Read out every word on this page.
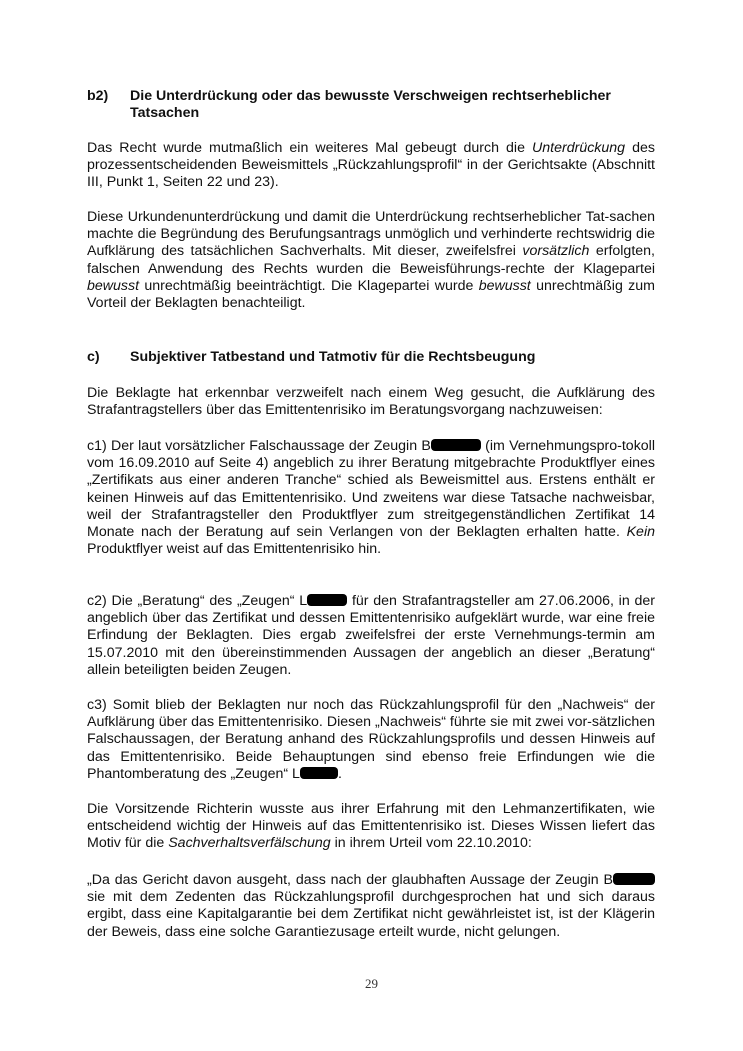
b2) Die Unterdrückung oder das bewusste Verschweigen rechtserheblicher Tatsachen

Das Recht wurde mutmaßlich ein weiteres Mal gebeugt durch die Unterdrückung des prozessentscheidenden Beweismittels „Rückzahlungsprofil“ in der Gerichtsakte (Abschnitt III, Punkt 1, Seiten 22 und 23).

Diese Urkundenunterdrückung und damit die Unterdrückung rechtserheblicher Tat-sachen machte die Begründung des Berufungsantrags unmöglich und verhinderte rechtswidrig die Aufklärung des tatsächlichen Sachverhalts. Mit dieser, zweifelsfrei vorsätzlich erfolgten, falschen Anwendung des Rechts wurden die Beweisführungs-rechte der Klagepartei bewusst unrechtmäßig beeinträchtigt. Die Klagepartei wurde bewusst unrechtmäßig zum Vorteil der Beklagten benachteiligt.

c) Subjektiver Tatbestand und Tatmotiv für die Rechtsbeugung

Die Beklagte hat erkennbar verzweifelt nach einem Weg gesucht, die Aufklärung des Strafantragstellers über das Emittentenrisiko im Beratungsvorgang nachzuweisen:

c1) Der laut vorsätzlicher Falschaussage der Zeugin B	(im Vernehmungspro-tokoll vom 16.09.2010 auf Seite 4) angeblich zu ihrer Beratung mitgebrachte Produktflyer eines „Zertifikats aus einer anderen Tranche“ schied als Beweismittel aus. Erstens enthält er keinen Hinweis auf das Emittentenrisiko. Und zweitens war diese Tatsache nachweisbar, weil der Strafantragsteller den Produktflyer zum streitgegenständlichen Zertifikat 14 Monate nach der Beratung auf sein Verlangen von der Beklagten erhalten hatte. Kein Produktflyer weist auf das Emittentenrisiko hin.

c2) Die „Beratung“ des „Zeugen“ L	für den Strafantragsteller am 27.06.2006, in der angeblich über das Zertifikat und dessen Emittentenrisiko aufgeklärt wurde, war eine freie Erfindung der Beklagten. Dies ergab zweifelsfrei der erste Vernehmungs-termin am 15.07.2010 mit den übereinstimmenden Aussagen der angeblich an dieser „Beratung“ allein beteiligten beiden Zeugen.

c3) Somit blieb der Beklagten nur noch das Rückzahlungsprofil für den „Nachweis“ der Aufklärung über das Emittentenrisiko. Diesen „Nachweis“ führte sie mit zwei vor-sätzlichen Falschaussagen, der Beratung anhand des Rückzahlungsprofils und dessen Hinweis auf das Emittentenrisiko. Beide Behauptungen sind ebenso freie Erfindungen wie die Phantomberatung des „Zeugen“ L	.

Die Vorsitzende Richterin wusste aus ihrer Erfahrung mit den Lehmanzertifikaten, wie entscheidend wichtig der Hinweis auf das Emittentenrisiko ist. Dieses Wissen liefert das Motiv für die Sachverhaltsverfälschung in ihrem Urteil vom 22.10.2010:

„Da das Gericht davon ausgeht, dass nach der glaubhaften Aussage der Zeugin B sie mit dem Zedenten das Rückzahlungsprofil durchgesprochen hat und sich daraus ergibt, dass eine Kapitalgarantie bei dem Zertifikat nicht gewährleistet ist, ist der Klägerin der Beweis, dass eine solche Garantiezusage erteilt wurde, nicht gelungen.

29
